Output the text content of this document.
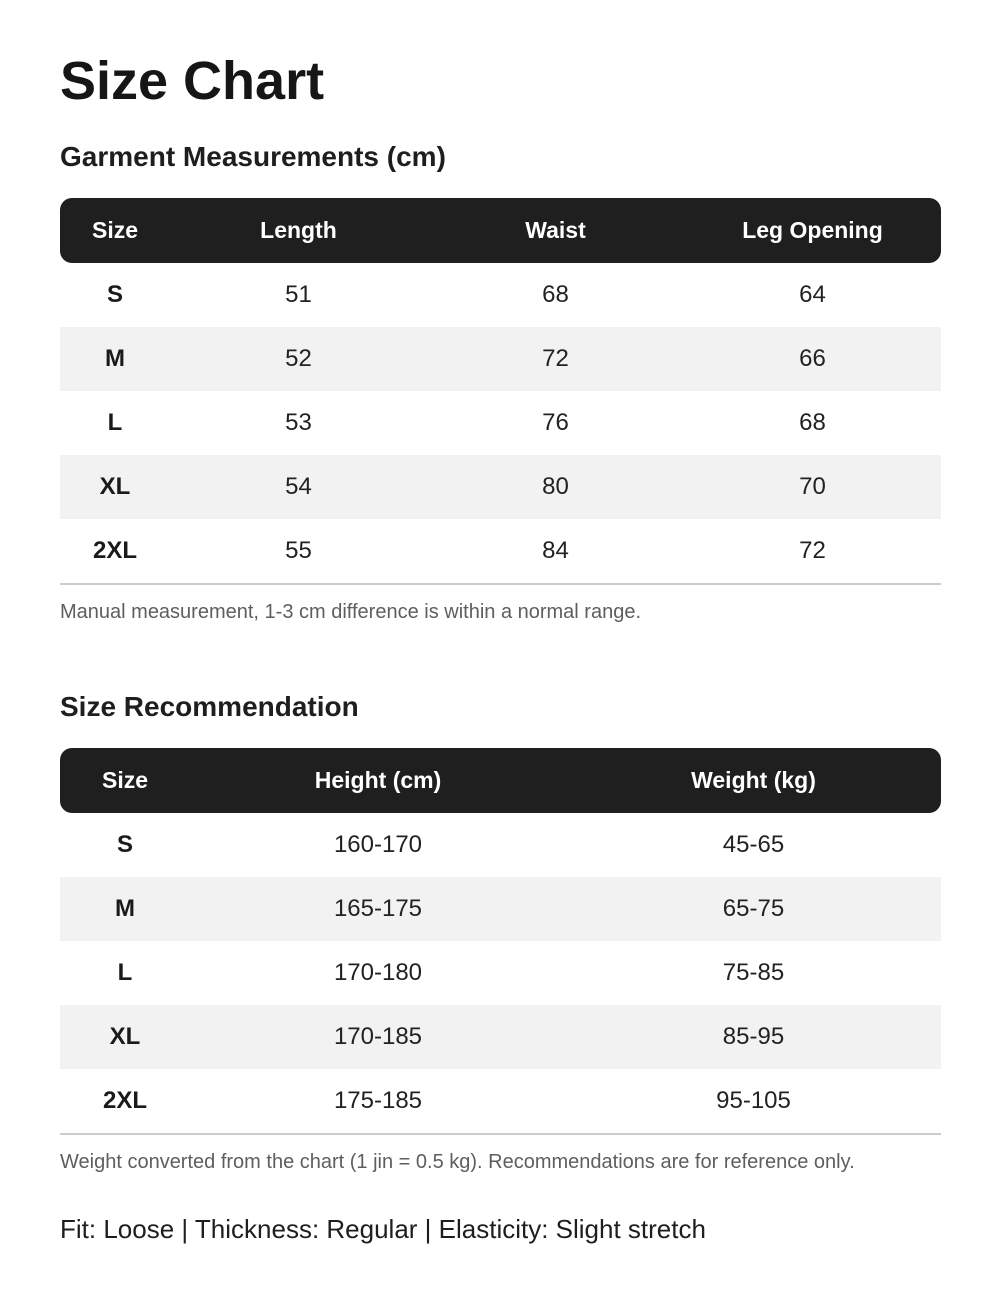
Size Chart
Garment Measurements (cm)
Size	Length	Waist	Leg Opening
S	51	68	64
M	52	72	66
L	53	76	68
XL	54	80	70
2XL	55	84	72

Manual measurement, 1-3 cm difference is within a normal range.

Size Recommendation
Size	Height (cm)	Weight (kg)
S	160-170	45-65
M	165-175	65-75
L	170-180	75-85
XL	170-185	85-95
2XL	175-185	95-105

Weight converted from the chart (1 jin = 0.5 kg). Recommendations are for reference only.

Fit: Loose | Thickness: Regular | Elasticity: Slight stretch
